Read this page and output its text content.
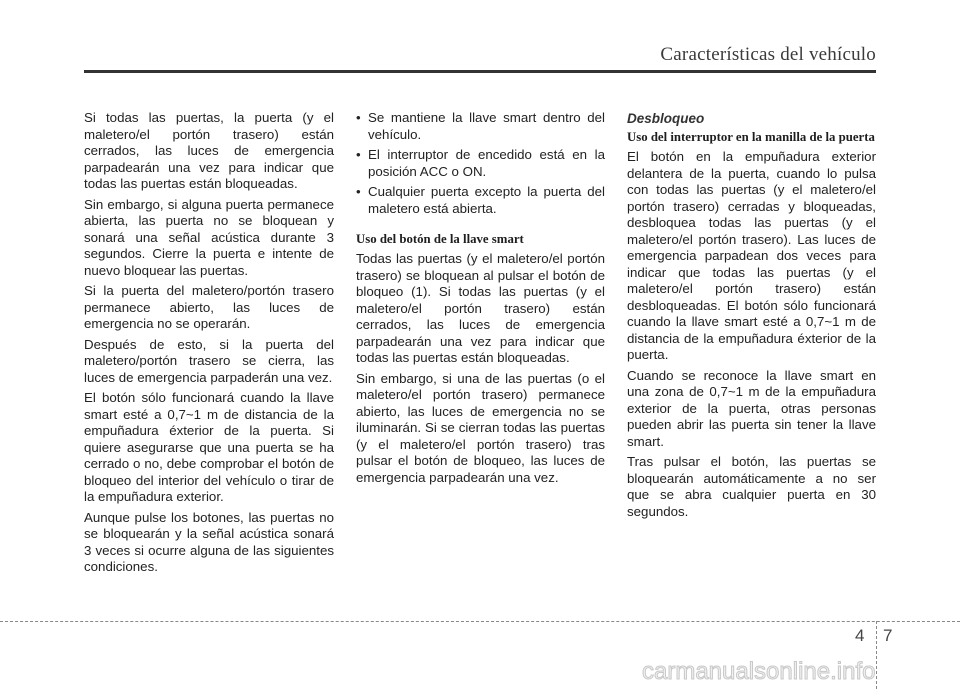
Características del vehículo

Si todas las puertas, la puerta (y el maletero/el portón trasero) están cerrados, las luces de emergencia parpadearán una vez para indicar que todas las puertas están bloqueadas.

Sin embargo, si alguna puerta permanece abierta, las puerta no se bloquean y sonará una señal acústica durante 3 segundos. Cierre la puerta e intente de nuevo bloquear las puertas.

Si la puerta del maletero/portón trasero permanece abierto, las luces de emergencia no se operarán.

Después de esto, si la puerta del maletero/portón trasero se cierra, las luces de emergencia parpaderán una vez.

El botón sólo funcionará cuando la llave smart esté a 0,7~1 m de distancia de la empuñadura éxterior de la puerta. Si quiere asegurarse que una puerta se ha cerrado o no, debe comprobar el botón de bloqueo del interior del vehículo o tirar de la empuñadura exterior.

Aunque pulse los botones, las puertas no se bloquearán y la señal acústica sonará 3 veces si ocurre alguna de las siguientes condiciones.

• Se mantiene la llave smart dentro del vehículo.
• El interruptor de encedido está en la posición ACC o ON.
• Cualquier puerta excepto la puerta del maletero está abierta.
Uso del botón de la llave smart

Todas las puertas (y el maletero/el portón trasero) se bloquean al pulsar el botón de bloqueo (1). Si todas las puertas (y el maletero/el portón trasero) están cerrados, las luces de emergencia parpadearán una vez para indicar que todas las puertas están bloqueadas.

Sin embargo, si una de las puertas (o el maletero/el portón trasero) permanece abierto, las luces de emergencia no se iluminarán. Si se cierran todas las puertas (y el maletero/el portón trasero) tras pulsar el botón de bloqueo, las luces de emergencia parpadearán una vez.

Desbloqueo
Uso del interruptor en la manilla de la puerta

El botón en la empuñadura exterior delantera de la puerta, cuando lo pulsa con todas las puertas (y el maletero/el portón trasero) cerradas y bloqueadas, desbloquea todas las puertas (y el maletero/el portón trasero). Las luces de emergencia parpadean dos veces para indicar que todas las puertas (y el maletero/el portón trasero) están desbloqueadas. El botón sólo funcionará cuando la llave smart esté a 0,7~1 m de distancia de la empuñadura éxterior de la puerta.

Cuando se reconoce la llave smart en una zona de 0,7~1 m de la empuñadura exterior de la puerta, otras personas pueden abrir las puerta sin tener la llave smart.

Tras pulsar el botón, las puertas se bloquearán automáticamente a no ser que se abra cualquier puerta en 30 segundos.

4 7
carmanualsonline.info
